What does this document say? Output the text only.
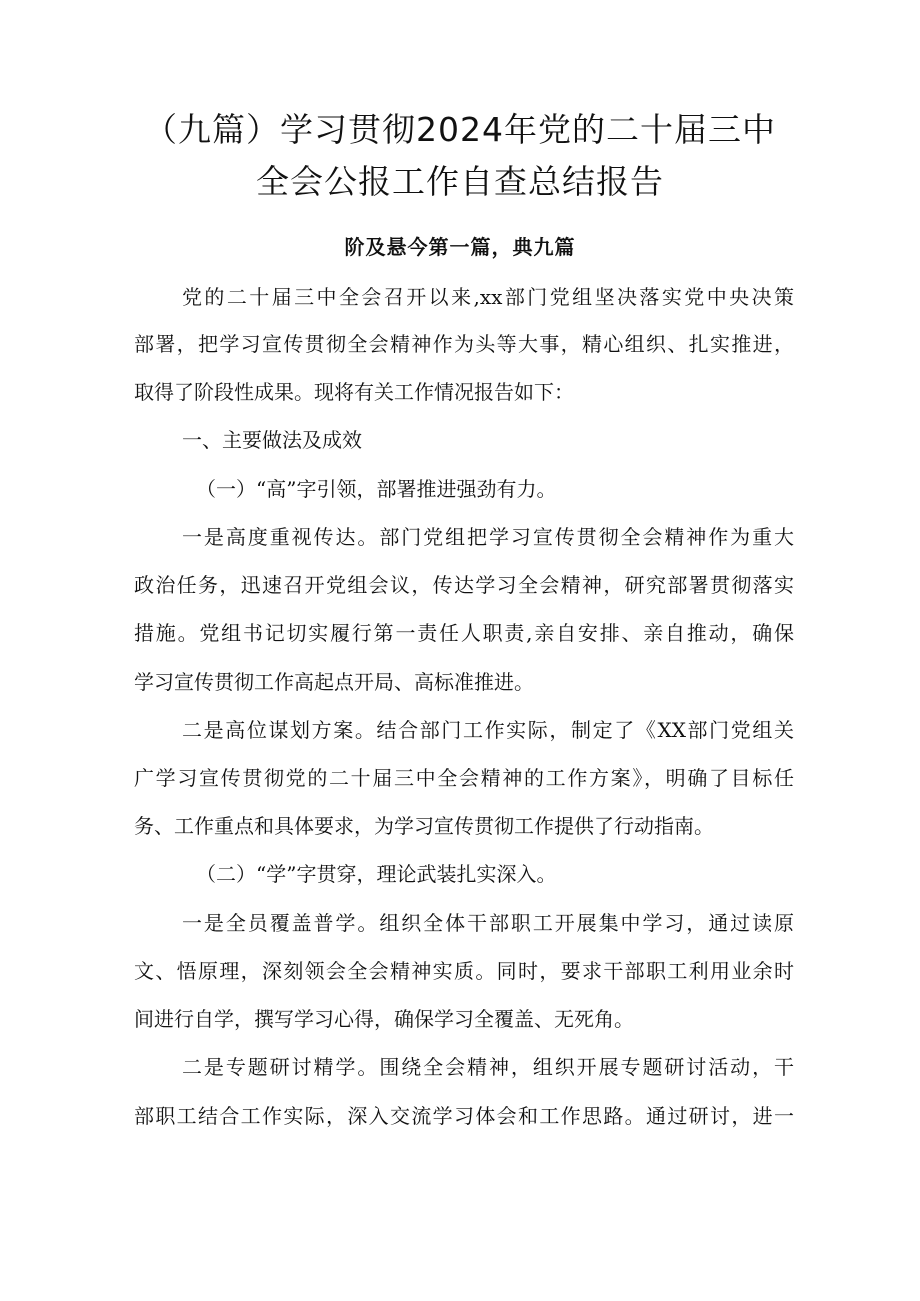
（九篇）学习贯彻2024年党的二十届三中
全会公报工作自查总结报告
阶及悬今第一篇，典九篇
党的二十届三中全会召开以来,xx部门党组坚决落实党中央决策
部署，把学习宣传贯彻全会精神作为头等大事，精心组织、扎实推进，
取得了阶段性成果。现将有关工作情况报告如下：
一、主要做法及成效
（一）“高”字引领，部署推进强劲有力。
一是高度重视传达。部门党组把学习宣传贯彻全会精神作为重大
政治任务，迅速召开党组会议，传达学习全会精神，研究部署贯彻落实
措施。党组书记切实履行第一责任人职责,亲自安排、亲自推动，确保
学习宣传贯彻工作高起点开局、高标准推进。
二是高位谋划方案。结合部门工作实际，制定了《XX部门党组关
广学习宣传贯彻党的二十届三中全会精神的工作方案》，明确了目标任
务、工作重点和具体要求，为学习宣传贯彻工作提供了行动指南。
（二）“学”字贯穿，理论武装扎实深入。
一是全员覆盖普学。组织全体干部职工开展集中学习，通过读原
文、悟原理，深刻领会全会精神实质。同时，要求干部职工利用业余时
间进行自学，撰写学习心得，确保学习全覆盖、无死角。
二是专题研讨精学。围绕全会精神，组织开展专题研讨活动，干
部职工结合工作实际，深入交流学习体会和工作思路。通过研讨，进一
